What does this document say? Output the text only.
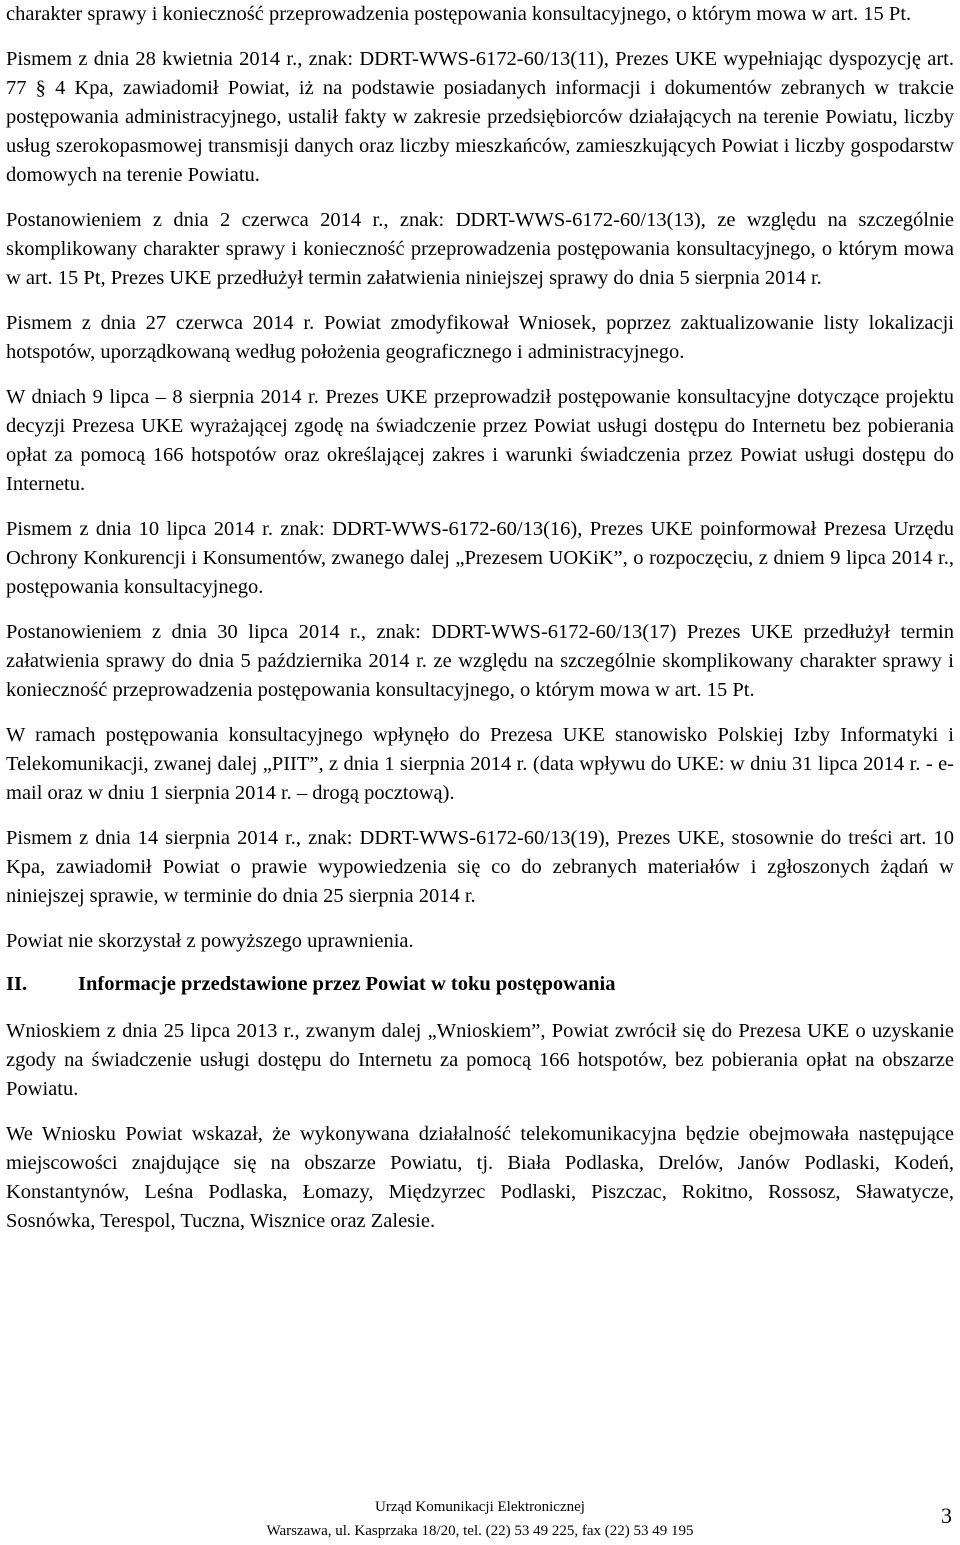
charakter sprawy i konieczność przeprowadzenia postępowania konsultacyjnego, o którym mowa w art. 15 Pt.

Pismem z dnia 28 kwietnia 2014 r., znak: DDRT-WWS-6172-60/13(11), Prezes UKE wypełniając dyspozycję art. 77 § 4 Kpa, zawiadomił Powiat, iż na podstawie posiadanych informacji i dokumentów zebranych w trakcie postępowania administracyjnego, ustalił fakty w zakresie przedsiębiorców działających na terenie Powiatu, liczby usług szerokopasmowej transmisji danych oraz liczby mieszkańców, zamieszkujących Powiat i liczby gospodarstw domowych na terenie Powiatu.

Postanowieniem z dnia 2 czerwca 2014 r., znak: DDRT-WWS-6172-60/13(13), ze względu na szczególnie skomplikowany charakter sprawy i konieczność przeprowadzenia postępowania konsultacyjnego, o którym mowa w art. 15 Pt, Prezes UKE przedłużył termin załatwienia niniejszej sprawy do dnia 5 sierpnia 2014 r.

Pismem z dnia 27 czerwca 2014 r. Powiat zmodyfikował Wniosek, poprzez zaktualizowanie listy lokalizacji hotspotów, uporządkowaną według położenia geograficznego i administracyjnego.

W dniach 9 lipca – 8 sierpnia 2014 r. Prezes UKE przeprowadził postępowanie konsultacyjne dotyczące projektu decyzji Prezesa UKE wyrażającej zgodę na świadczenie przez Powiat usługi dostępu do Internetu bez pobierania opłat za pomocą 166 hotspotów oraz określającej zakres i warunki świadczenia przez Powiat usługi dostępu do Internetu.

Pismem z dnia 10 lipca 2014 r. znak: DDRT-WWS-6172-60/13(16), Prezes UKE poinformował Prezesa Urzędu Ochrony Konkurencji i Konsumentów, zwanego dalej „Prezesem UOKiK”, o rozpoczęciu, z dniem 9 lipca 2014 r., postępowania konsultacyjnego.

Postanowieniem z dnia 30 lipca 2014 r., znak: DDRT-WWS-6172-60/13(17) Prezes UKE przedłużył termin załatwienia sprawy do dnia 5 października 2014 r. ze względu na szczególnie skomplikowany charakter sprawy i konieczność przeprowadzenia postępowania konsultacyjnego, o którym mowa w art. 15 Pt.

W ramach postępowania konsultacyjnego wpłynęło do Prezesa UKE stanowisko Polskiej Izby Informatyki i Telekomunikacji, zwanej dalej „PIIT”, z dnia 1 sierpnia 2014 r. (data wpływu do UKE: w dniu 31 lipca 2014 r. - e-mail oraz w dniu 1 sierpnia 2014 r. – drogą pocztową).

Pismem z dnia 14 sierpnia 2014 r., znak: DDRT-WWS-6172-60/13(19), Prezes UKE, stosownie do treści art. 10 Kpa, zawiadomił Powiat o prawie wypowiedzenia się co do zebranych materiałów i zgłoszonych żądań w niniejszej sprawie, w terminie do dnia 25 sierpnia 2014 r.

Powiat nie skorzystał z powyższego uprawnienia.

II.	Informacje przedstawione przez Powiat w toku postępowania

Wnioskiem z dnia 25 lipca 2013 r., zwanym dalej „Wnioskiem”, Powiat zwrócił się do Prezesa UKE o uzyskanie zgody na świadczenie usługi dostępu do Internetu za pomocą 166 hotspotów, bez pobierania opłat na obszarze Powiatu.

We Wniosku Powiat wskazał, że wykonywana działalność telekomunikacyjna będzie obejmowała następujące miejscowości znajdujące się na obszarze Powiatu, tj. Biała Podlaska, Drelów, Janów Podlaski, Kodeń, Konstantynów, Leśna Podlaska, Łomazy, Międzyrzec Podlaski, Piszczac, Rokitno, Rossosz, Sławatycze, Sosnówka, Terespol, Tuczna, Wisznice oraz Zalesie.

Urząd Komunikacji Elektronicznej
Warszawa, ul. Kasprzaka 18/20, tel. (22) 53 49 225, fax (22) 53 49 195
3
